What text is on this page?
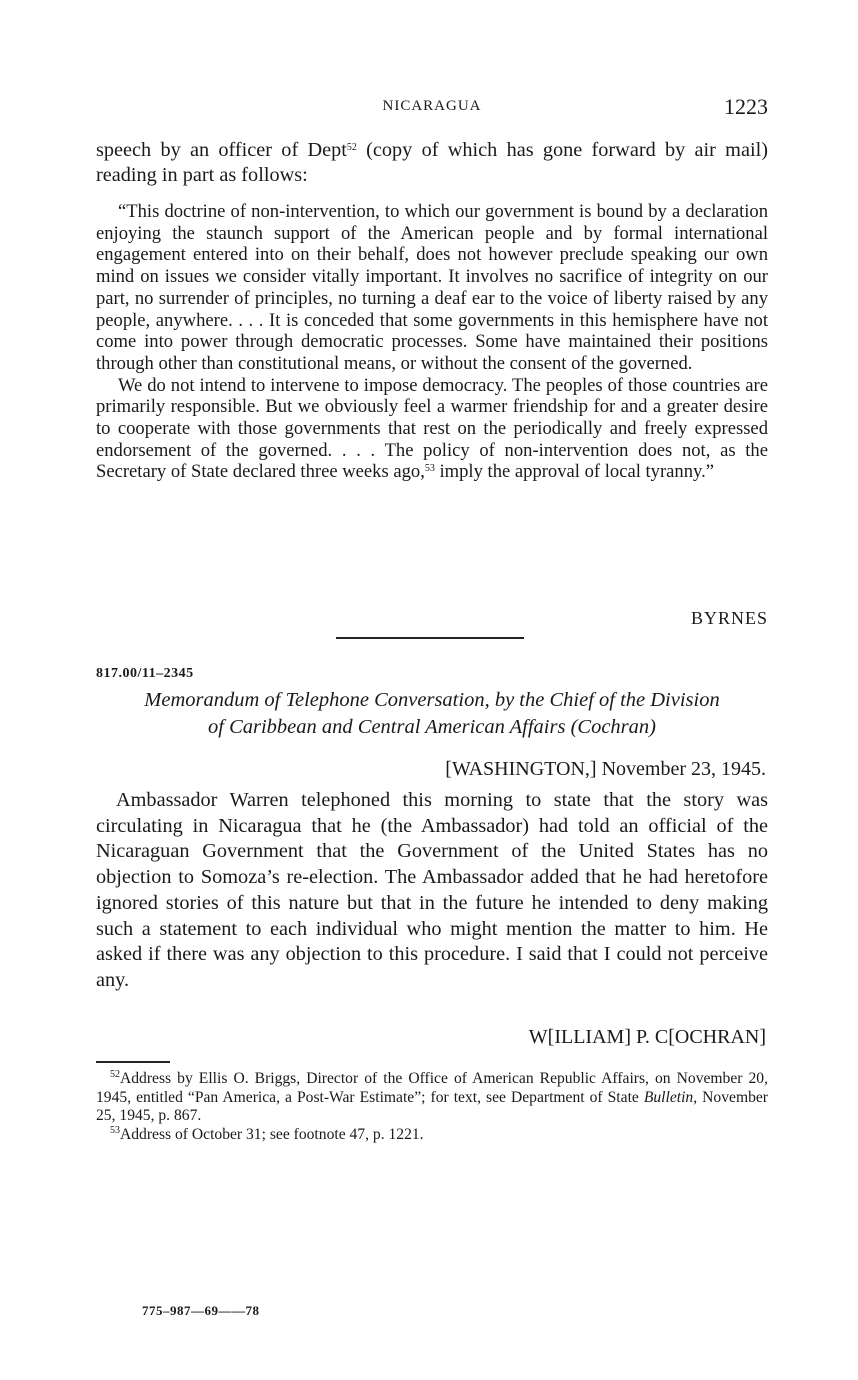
NICARAGUA	1223

speech by an officer of Dept$^{52}$ (copy of which has gone forward by air mail) reading in part as follows:

“This doctrine of non-intervention, to which our government is bound by a declaration enjoying the staunch support of the American people and by formal international engagement entered into on their behalf, does not however preclude speaking our own mind on issues we consider vitally important. It involves no sacrifice of integrity on our part, no surrender of principles, no turning a deaf ear to the voice of liberty raised by any people, anywhere. . . . It is conceded that some governments in this hemisphere have not come into power through democratic processes. Some have maintained their positions through other than constitutional means, or without the consent of the governed.

We do not intend to intervene to impose democracy. The peoples of those countries are primarily responsible. But we obviously feel a warmer friendship for and a greater desire to cooperate with those governments that rest on the periodically and freely expressed endorsement of the governed. . . . The policy of non-intervention does not, as the Secretary of State declared three weeks ago,$^{53}$ imply the approval of local tyranny.”

BYRNES
817.00/11–2345
Memorandum of Telephone Conversation, by the Chief of the Division
of Caribbean and Central American Affairs (Cochran)
[WASHINGTON,] November 23, 1945.

Ambassador Warren telephoned this morning to state that the story was circulating in Nicaragua that he (the Ambassador) had told an official of the Nicaraguan Government that the Government of the United States has no objection to Somoza’s re-election. The Ambassador added that he had heretofore ignored stories of this nature but that in the future he intended to deny making such a statement to each individual who might mention the matter to him. He asked if there was any objection to this procedure. I said that I could not perceive any.

W[ILLIAM] P. C[OCHRAN]

$^{52}$Address by Ellis O. Briggs, Director of the Office of American Republic Affairs, on November 20, 1945, entitled “Pan America, a Post-War Estimate”; for text, see Department of State Bulletin, November 25, 1945, p. 867.

$^{53}$Address of October 31; see footnote 47, p. 1221.

775–987—69——78
